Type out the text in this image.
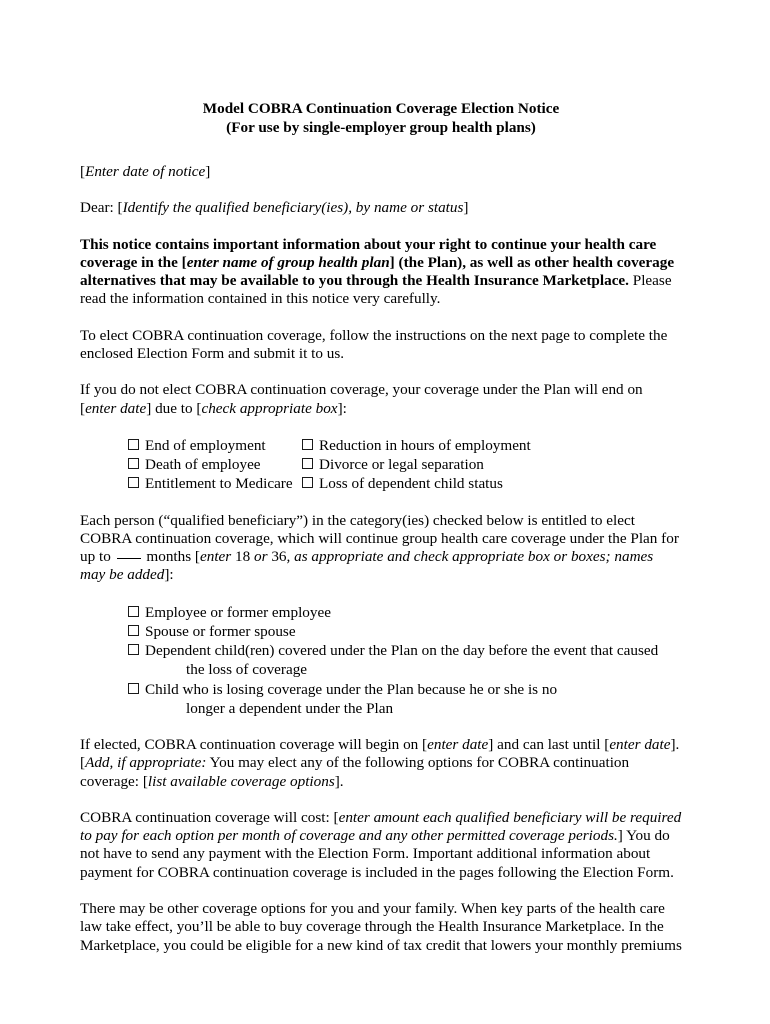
Model COBRA Continuation Coverage Election Notice
(For use by single-employer group health plans)

[Enter date of notice]

Dear: [Identify the qualified beneficiary(ies), by name or status]

This notice contains important information about your right to continue your health care coverage in the [enter name of group health plan] (the Plan), as well as other health coverage alternatives that may be available to you through the Health Insurance Marketplace. Please read the information contained in this notice very carefully.

To elect COBRA continuation coverage, follow the instructions on the next page to complete the enclosed Election Form and submit it to us.

If you do not elect COBRA continuation coverage, your coverage under the Plan will end on [enter date] due to [check appropriate box]:

End of employment
Death of employee
Entitlement to Medicare
Reduction in hours of employment
Divorce or legal separation
Loss of dependent child status

Each person (“qualified beneficiary”) in the category(ies) checked below is entitled to elect COBRA continuation coverage, which will continue group health care coverage under the Plan for up to  months [enter 18 or 36, as appropriate and check appropriate box or boxes; names may be added]:

Employee or former employee

Spouse or former spouse

Dependent child(ren) covered under the Plan on the day before the event that caused

the loss of coverage

Child who is losing coverage under the Plan because he or she is no

longer a dependent under the Plan

If elected, COBRA continuation coverage will begin on [enter date] and can last until [enter date]. [Add, if appropriate: You may elect any of the following options for COBRA continuation coverage: [list available coverage options].

COBRA continuation coverage will cost: [enter amount each qualified beneficiary will be required to pay for each option per month of coverage and any other permitted coverage periods.] You do not have to send any payment with the Election Form. Important additional information about payment for COBRA continuation coverage is included in the pages following the Election Form.

There may be other coverage options for you and your family. When key parts of the health care law take effect, you’ll be able to buy coverage through the Health Insurance Marketplace. In the Marketplace, you could be eligible for a new kind of tax credit that lowers your monthly premiums
